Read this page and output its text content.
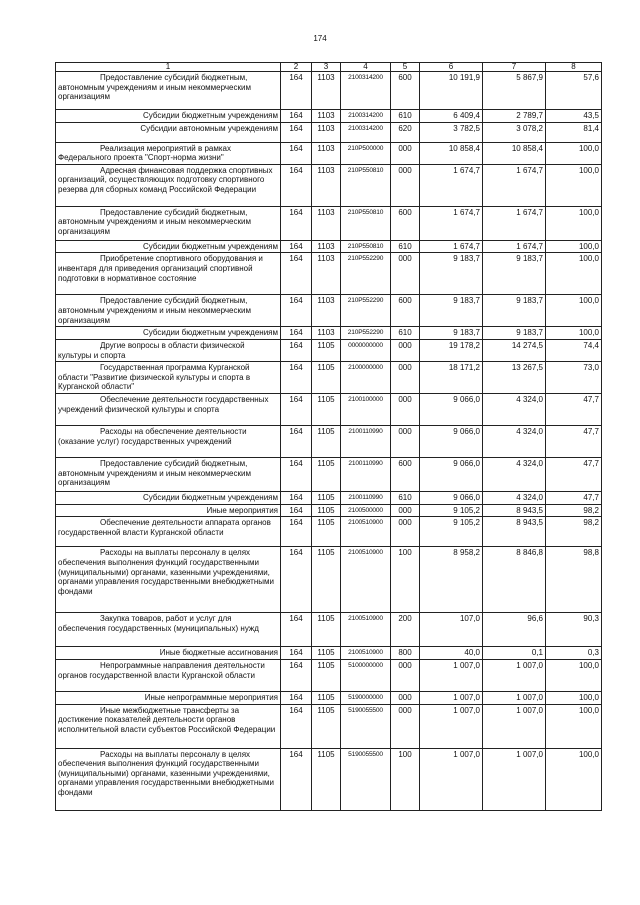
174
1	2	3	4	5	6	7	8

Предоставление субсидий бюджетным, автономным учреждениям и иным некоммерческим организациям	164	1103	2100314200	600	10 191,9	5 867,9	57,6

Субсидии бюджетным учреждениям	164	1103	2100314200	610	6 409,4	2 789,7	43,5

Субсидии автономным учреждениям	164	1103	2100314200	620	3 782,5	3 078,2	81,4

Реализация мероприятий в рамках Федерального проекта "Спорт-норма жизни"	164	1103	210P500000	000	10 858,4	10 858,4	100,0

Адресная финансовая поддержка спортивных организаций, осуществляющих подготовку спортивного резерва для сборных команд Российской Федерации	164	1103	210P550810	000	1 674,7	1 674,7	100,0

Предоставление субсидий бюджетным, автономным учреждениям и иным некоммерческим организациям	164	1103	210P550810	600	1 674,7	1 674,7	100,0

Субсидии бюджетным учреждениям	164	1103	210P550810	610	1 674,7	1 674,7	100,0

Приобретение спортивного оборудования и инвентаря для приведения организаций спортивной подготовки в нормативное состояние	164	1103	210P552290	000	9 183,7	9 183,7	100,0

Предоставление субсидий бюджетным, автономным учреждениям и иным некоммерческим организациям	164	1103	210P552290	600	9 183,7	9 183,7	100,0

Субсидии бюджетным учреждениям	164	1103	210P552290	610	9 183,7	9 183,7	100,0

Другие вопросы в области физической культуры и спорта	164	1105	0000000000	000	19 178,2	14 274,5	74,4

Государственная программа Курганской области "Развитие физической культуры и спорта в Курганской области"	164	1105	2100000000	000	18 171,2	13 267,5	73,0

Обеспечение деятельности государственных учреждений физической культуры и спорта	164	1105	2100100000	000	9 066,0	4 324,0	47,7

Расходы на обеспечение деятельности (оказание услуг) государственных учреждений	164	1105	2100110990	000	9 066,0	4 324,0	47,7

Предоставление субсидий бюджетным, автономным учреждениям и иным некоммерческим организациям	164	1105	2100110990	600	9 066,0	4 324,0	47,7

Субсидии бюджетным учреждениям	164	1105	2100110990	610	9 066,0	4 324,0	47,7

Иные мероприятия	164	1105	2100500000	000	9 105,2	8 943,5	98,2

Обеспечение деятельности аппарата органов государственной власти Курганской области	164	1105	2100510900	000	9 105,2	8 943,5	98,2

Расходы на выплаты персоналу в целях обеспечения выполнения функций государственными (муниципальными) органами, казенными учреждениями, органами управления государственными внебюджетными фондами	164	1105	2100510900	100	8 958,2	8 846,8	98,8

Закупка товаров, работ и услуг для обеспечения государственных (муниципальных) нужд	164	1105	2100510900	200	107,0	96,6	90,3

Иные бюджетные ассигнования	164	1105	2100510900	800	40,0	0,1	0,3

Непрограммные направления деятельности органов государственной власти Курганской области	164	1105	5100000000	000	1 007,0	1 007,0	100,0

Иные непрограммные мероприятия	164	1105	5190000000	000	1 007,0	1 007,0	100,0

Иные межбюджетные трансферты за достижение показателей деятельности органов исполнительной власти субъектов Российской Федерации	164	1105	5190055500	000	1 007,0	1 007,0	100,0

Расходы на выплаты персоналу в целях обеспечения выполнения функций государственными (муниципальными) органами, казенными учреждениями, органами управления государственными внебюджетными фондами	164	1105	5190055500	100	1 007,0	1 007,0	100,0
